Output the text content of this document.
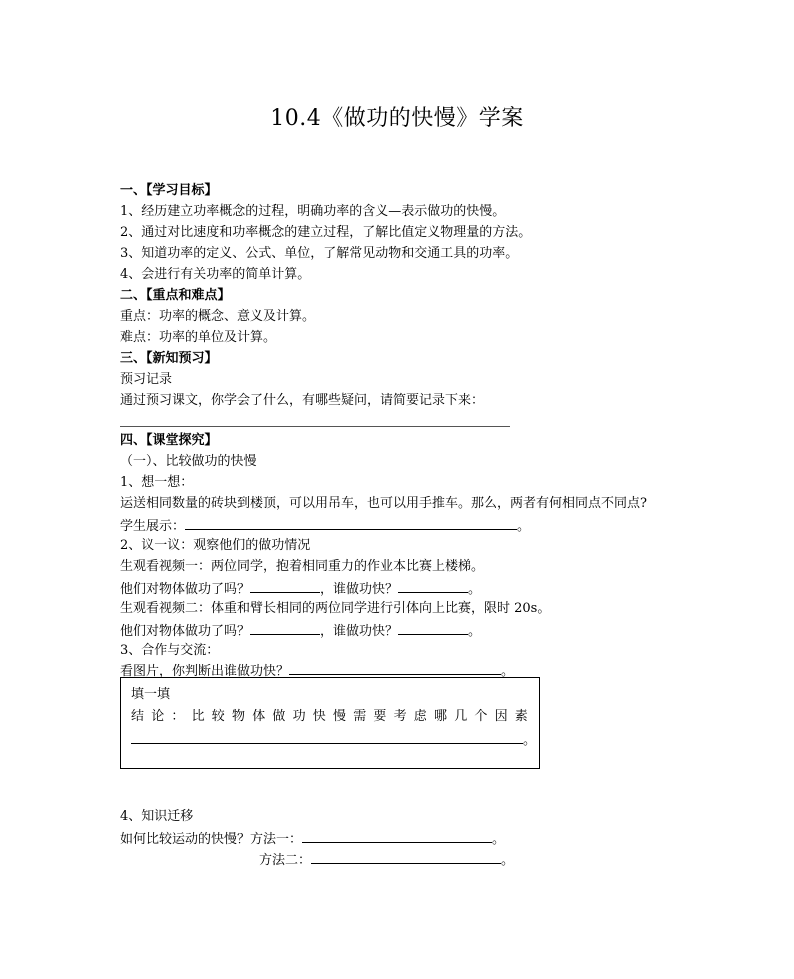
10.4《做功的快慢》学案
一、【学习目标】
1、经历建立功率概念的过程，明确功率的含义—表示做功的快慢。
2、通过对比速度和功率概念的建立过程，了解比值定义物理量的方法。
3、知道功率的定义、公式、单位，了解常见动物和交通工具的功率。
4、会进行有关功率的简单计算。
二、【重点和难点】
重点：功率的概念、意义及计算。
难点：功率的单位及计算。
三、【新知预习】
预习记录
通过预习课文，你学会了什么，有哪些疑问，请简要记录下来：
四、【课堂探究】
（一）、比较做功的快慢
1、想一想：
运送相同数量的砖块到楼顶，可以用吊车，也可以用手推车。那么，两者有何相同点不同点?
学生展示：	。
2、议一议：观察他们的做功情况
生观看视频一：两位同学，抱着相同重力的作业本比赛上楼梯。
他们对物体做功了吗？	，谁做功快？	。
生观看视频二：体重和臂长相同的两位同学进行引体向上比赛，限时 20s。
他们对物体做功了吗？	，谁做功快？	。
3、合作与交流：
看图片，你判断出谁做功快？	。
填一填
结论：比较物体做功快慢需要考虑哪几个因素
。
4、知识迁移
如何比较运动的快慢？方法一：	。
方法二：	。
